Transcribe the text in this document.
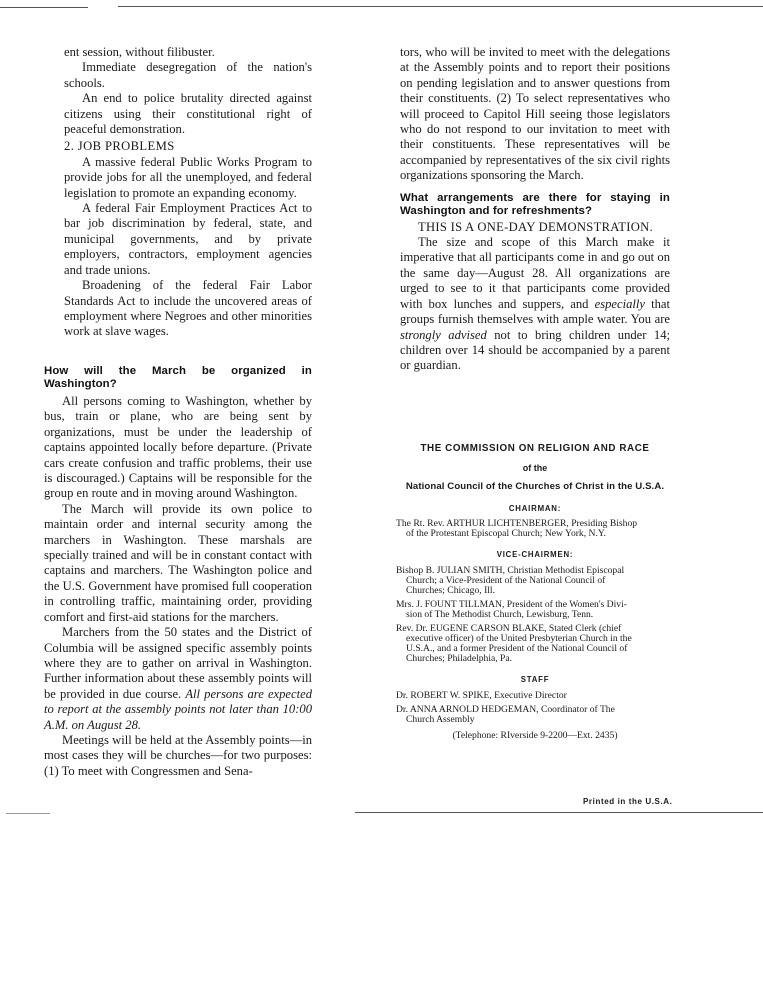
ent session, without filibuster.

Immediate desegregation of the nation's schools.

An end to police brutality directed against citizens using their constitutional right of peaceful demonstration.

2. JOB PROBLEMS

A massive federal Public Works Program to provide jobs for all the unemployed, and federal legislation to promote an expanding economy.

A federal Fair Employment Practices Act to bar job discrimination by federal, state, and municipal governments, and by private employers, contractors, employment agencies and trade unions.

Broadening of the federal Fair Labor Standards Act to include the uncovered areas of employment where Negroes and other minorities work at slave wages.

How will the March be organized in Washington?

All persons coming to Washington, whether by bus, train or plane, who are being sent by organizations, must be under the leadership of captains appointed locally before departure. (Private cars create confusion and traffic problems, their use is discouraged.) Captains will be responsible for the group en route and in moving around Washington.

The March will provide its own police to maintain order and internal security among the marchers in Washington. These marshals are specially trained and will be in constant contact with captains and marchers. The Washington police and the U.S. Government have promised full cooperation in controlling traffic, maintaining order, providing comfort and first-aid stations for the marchers.

Marchers from the 50 states and the District of Columbia will be assigned specific assembly points where they are to gather on arrival in Washington. Further information about these assembly points will be provided in due course. All persons are expected to report at the assembly points not later than 10:00 A.M. on August 28.

Meetings will be held at the Assembly points—in most cases they will be churches—for two purposes: (1) To meet with Congressmen and Sena-

tors, who will be invited to meet with the delegations at the Assembly points and to report their positions on pending legislation and to answer questions from their constituents. (2) To select representatives who will proceed to Capitol Hill seeing those legislators who do not respond to our invitation to meet with their constituents. These representatives will be accompanied by representatives of the six civil rights organizations sponsoring the March.

What arrangements are there for staying in Washington and for refreshments?

THIS IS A ONE-DAY DEMONSTRATION.

The size and scope of this March make it imperative that all participants come in and go out on the same day—August 28. All organizations are urged to see to it that participants come provided with box lunches and suppers, and especially that groups furnish themselves with ample water. You are strongly advised not to bring children under 14; children over 14 should be accompanied by a parent or guardian.

THE COMMISSION ON RELIGION AND RACE
of the
National Council of the Churches of Christ in the U.S.A.
CHAIRMAN:
The Rt. Rev. ARTHUR LICHTENBERGER, Presiding Bishop
of the Protestant Episcopal Church; New York, N.Y.
VICE-CHAIRMEN:
Bishop B. JULIAN SMITH, Christian Methodist Episcopal
Church; a Vice-President of the National Council of
Churches; Chicago, Ill.
Mrs. J. FOUNT TILLMAN, President of the Women's Divi-
sion of The Methodist Church, Lewisburg, Tenn.
Rev. Dr. EUGENE CARSON BLAKE, Stated Clerk (chief
executive officer) of the United Presbyterian Church in the
U.S.A., and a former President of the National Council of
Churches; Philadelphia, Pa.
STAFF
Dr. ROBERT W. SPIKE, Executive Director
Dr. ANNA ARNOLD HEDGEMAN, Coordinator of The
Church Assembly
(Telephone: RIverside 9-2200—Ext. 2435)
Printed in the U.S.A.
